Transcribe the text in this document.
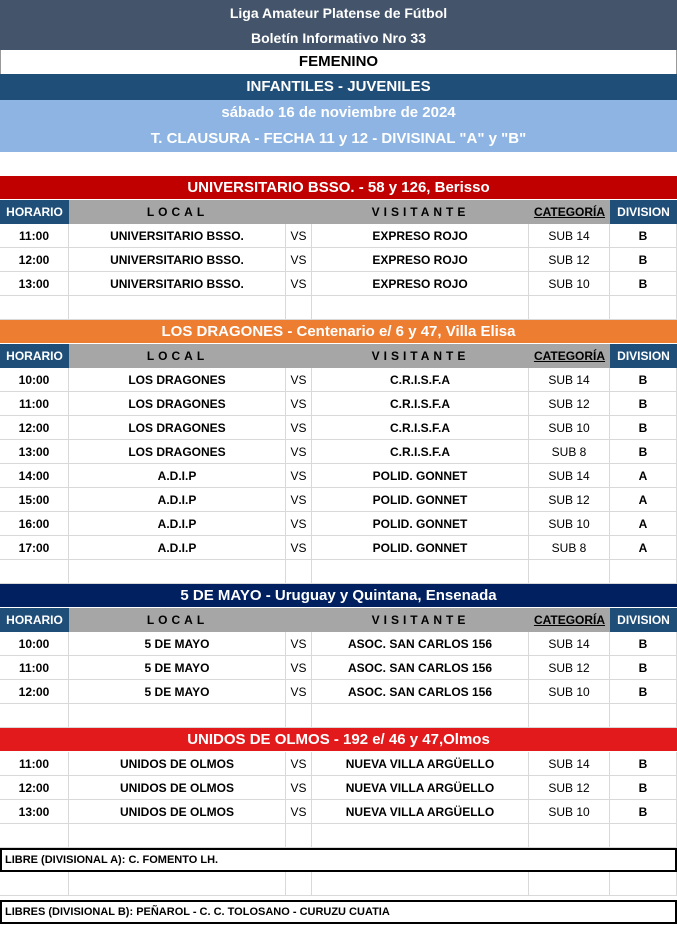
Liga Amateur Platense de Fútbol
Boletín Informativo Nro 33
FEMENINO
INFANTILES - JUVENILES
sábado 16 de noviembre de 2024
T. CLAUSURA - FECHA 11 y 12 - DIVISINAL "A" y "B"
UNIVERSITARIO BSSO. - 58 y 126, Berisso
HORARIO	LOCAL	VISITANTE	CATEGORÍA	DIVISION
11:00	UNIVERSITARIO BSSO.	VS	EXPRESO ROJO	SUB 14	B
12:00	UNIVERSITARIO BSSO.	VS	EXPRESO ROJO	SUB 12	B
13:00	UNIVERSITARIO BSSO.	VS	EXPRESO ROJO	SUB 10	B
LOS DRAGONES - Centenario e/ 6 y 47, Villa Elisa
HORARIO	LOCAL	VISITANTE	CATEGORÍA	DIVISION
10:00	LOS DRAGONES	VS	C.R.I.S.F.A	SUB 14	B
11:00	LOS DRAGONES	VS	C.R.I.S.F.A	SUB 12	B
12:00	LOS DRAGONES	VS	C.R.I.S.F.A	SUB 10	B
13:00	LOS DRAGONES	VS	C.R.I.S.F.A	SUB 8	B
14:00	A.D.I.P	VS	POLID. GONNET	SUB 14	A
15:00	A.D.I.P	VS	POLID. GONNET	SUB 12	A
16:00	A.D.I.P	VS	POLID. GONNET	SUB 10	A
17:00	A.D.I.P	VS	POLID. GONNET	SUB 8	A
5 DE MAYO - Uruguay y Quintana, Ensenada
HORARIO	LOCAL	VISITANTE	CATEGORÍA	DIVISION
10:00	5 DE MAYO	VS	ASOC. SAN CARLOS 156	SUB 14	B
11:00	5 DE MAYO	VS	ASOC. SAN CARLOS 156	SUB 12	B
12:00	5 DE MAYO	VS	ASOC. SAN CARLOS 156	SUB 10	B
UNIDOS DE OLMOS - 192 e/ 46 y 47,Olmos
11:00	UNIDOS DE OLMOS	VS	NUEVA VILLA ARGÜELLO	SUB 14	B
12:00	UNIDOS DE OLMOS	VS	NUEVA VILLA ARGÜELLO	SUB 12	B
13:00	UNIDOS DE OLMOS	VS	NUEVA VILLA ARGÜELLO	SUB 10	B
LIBRE (DIVISIONAL A): C. FOMENTO LH.
LIBRES (DIVISIONAL B): PEÑAROL - C. C. TOLOSANO - CURUZU CUATIA
